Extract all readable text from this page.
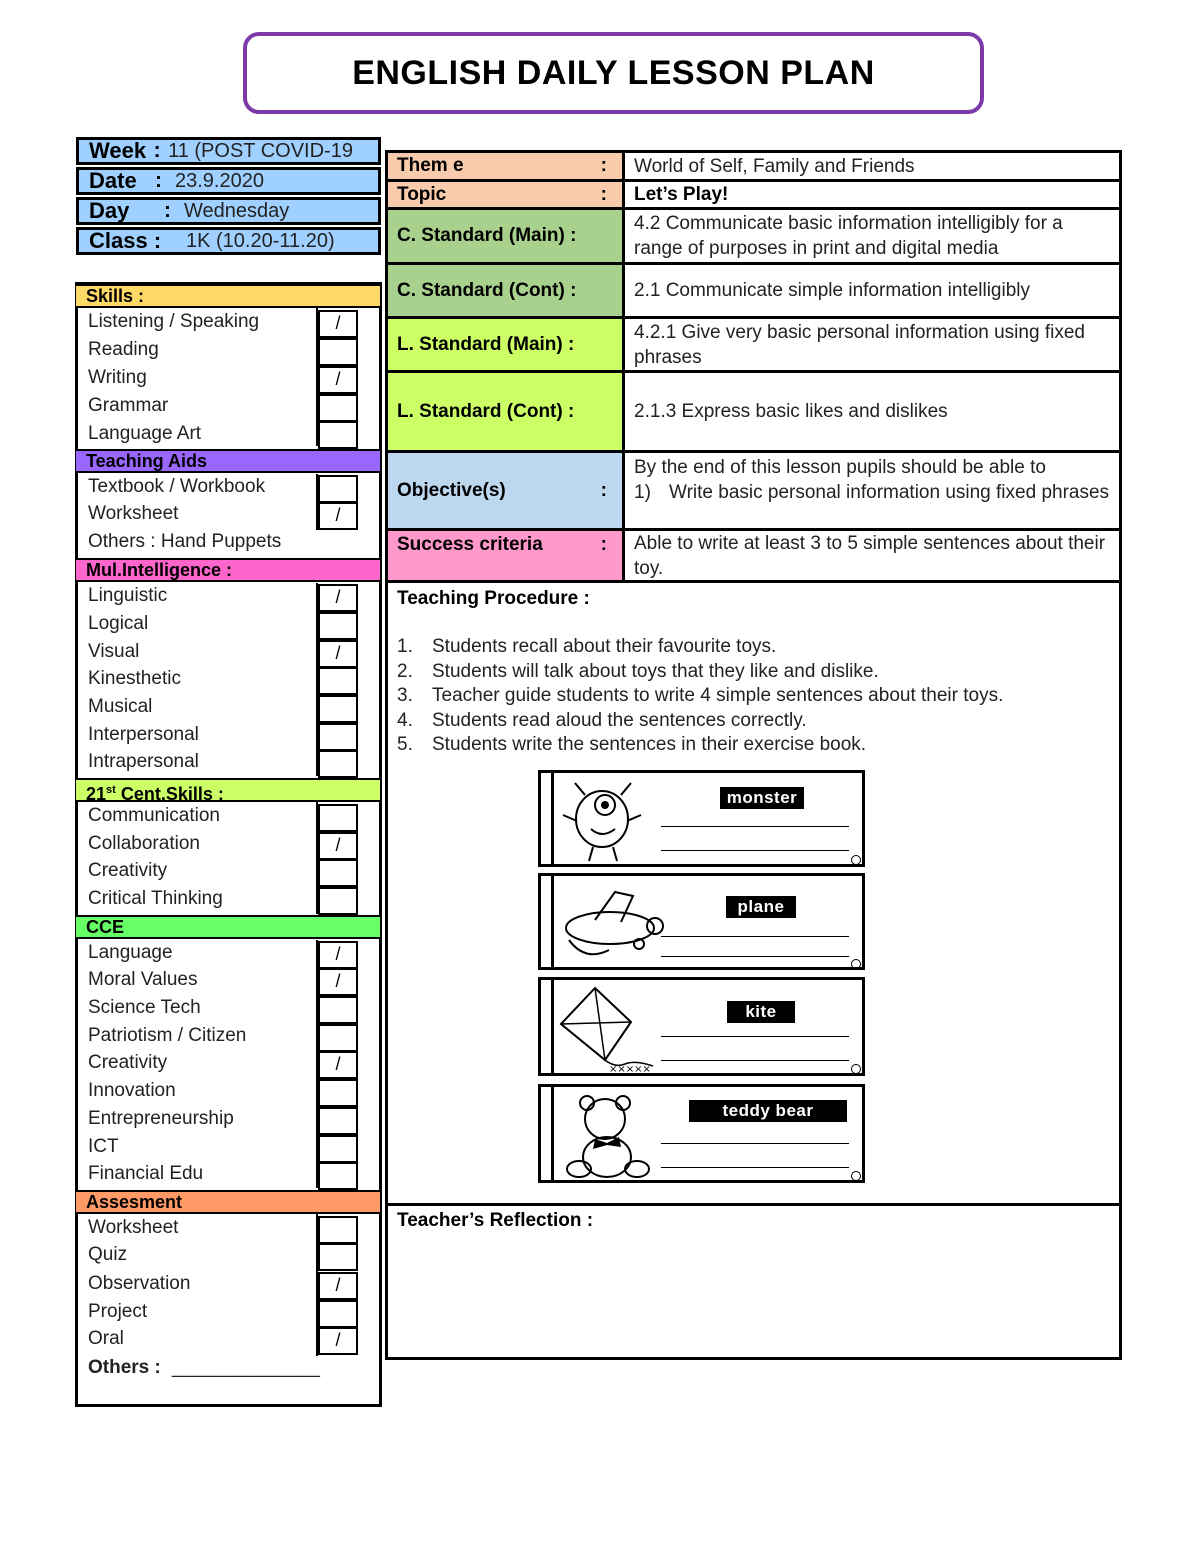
ENGLISH DAILY LESSON PLAN
Week : 11 (POST COVID-19
Date : 23.9.2020
Day	: Wednesday
Class :	1K (10.20-11.20)
Skills :
Listening / Speaking	/
Reading
Writing	/
Grammar
Language Art
Teaching Aids
Textbook / Workbook
Worksheet	/
Others : Hand Puppets
Mul.Intelligence :
Linguistic	/
Logical
Visual	/
Kinesthetic
Musical
Interpersonal
Intrapersonal
21st Cent.Skills :
Communication
Collaboration	/
Creativity
Critical Thinking
CCE
Language	/
Moral Values	/
Science Tech
Patriotism / Citizen
Creativity	/
Innovation
Entrepreneurship
ICT
Financial Edu
Assesment
Worksheet
Quiz
Observation	/
Project
Oral	/
Others : ______________
Them e	:	World of Self, Family and Friends
Topic	:	Let’s Play!
C. Standard (Main) :
4.2 Communicate basic information intelligibly for a range of purposes in print and digital media
C. Standard (Cont) :	2.1 Communicate simple information intelligibly
L. Standard (Main) :
4.2.1 Give very basic personal information using fixed phrases
L. Standard (Cont) :	2.1.3 Express basic likes and dislikes
Objective(s)	:
By the end of this lesson pupils should be able to
1) Write basic personal information using fixed phrases
Success criteria	:	Able to write at least 3 to 5 simple sentences about their toy.
Teaching Procedure :
1. Students recall about their favourite toys.
2. Students will talk about toys that they like and dislike.
3. Teacher guide students to write 4 simple sentences about their toys.
4. Students read aloud the sentences correctly.
5. Students write the sentences in their exercise book.
monster
plane
×××××
kite
teddy bear
Teacher’s Reflection :
